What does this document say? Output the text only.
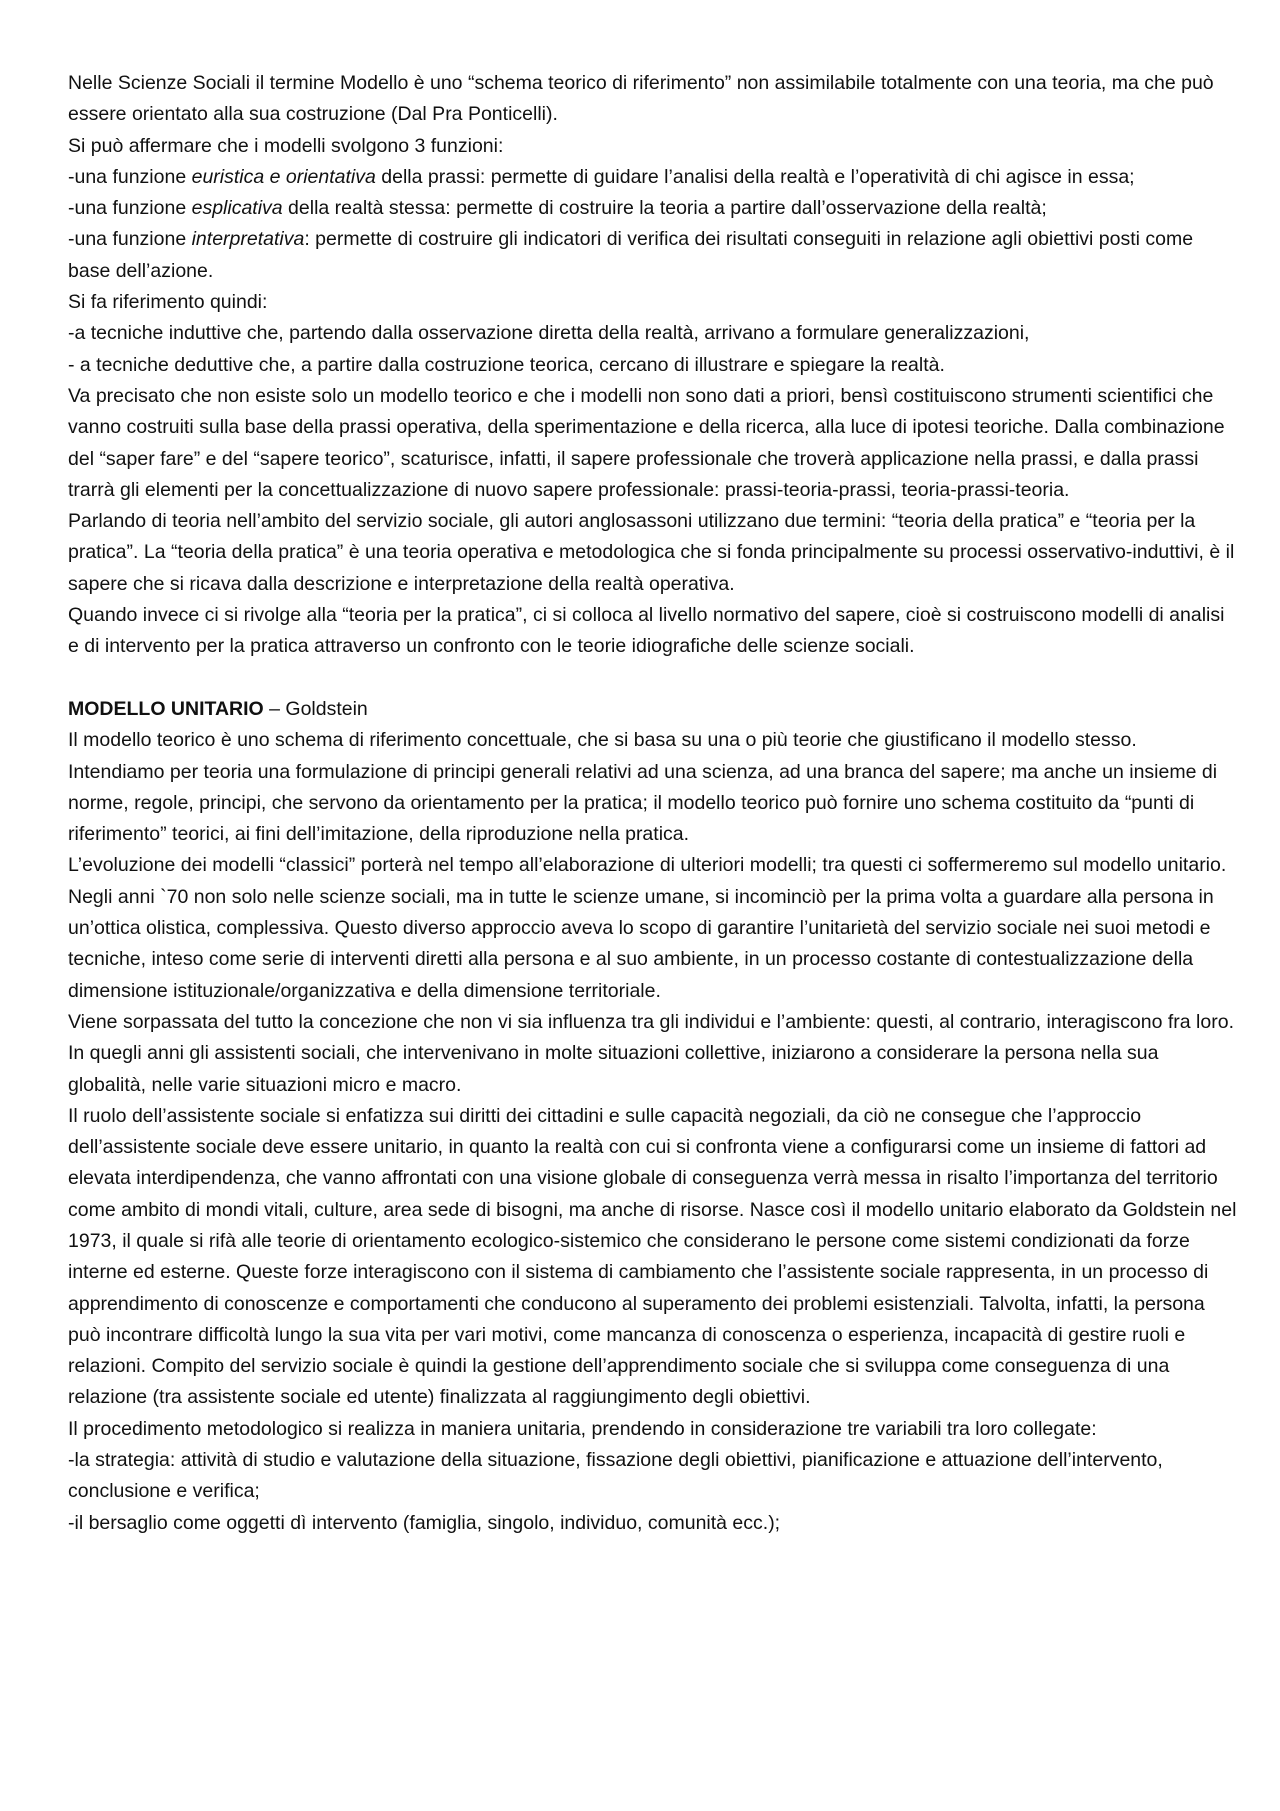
Nelle Scienze Sociali il termine Modello è uno “schema teorico di riferimento” non assimilabile totalmente con una teoria, ma che può essere orientato alla sua costruzione (Dal Pra Ponticelli).

Si può affermare che i modelli svolgono 3 funzioni:

-una funzione euristica e orientativa della prassi: permette di guidare l’analisi della realtà e l’operatività di chi agisce in essa;

-una funzione esplicativa della realtà stessa: permette di costruire la teoria a partire dall’osservazione della realtà;

-una funzione interpretativa: permette di costruire gli indicatori di verifica dei risultati conseguiti in relazione agli obiettivi posti come base dell’azione.

Si fa riferimento quindi:

-a tecniche induttive che, partendo dalla osservazione diretta della realtà, arrivano a formulare generalizzazioni,

- a tecniche deduttive che, a partire dalla costruzione teorica, cercano di illustrare e spiegare la realtà.

Va precisato che non esiste solo un modello teorico e che i modelli non sono dati a priori, bensì costituiscono strumenti scientifici che vanno costruiti sulla base della prassi operativa, della sperimentazione e della ricerca, alla luce di ipotesi teoriche. Dalla combinazione del “saper fare” e del “sapere teorico”, scaturisce, infatti, il sapere professionale che troverà applicazione nella prassi, e dalla prassi trarrà gli elementi per la concettualizzazione di nuovo sapere professionale: prassi-teoria-prassi, teoria-prassi-teoria.

Parlando di teoria nell’ambito del servizio sociale, gli autori anglosassoni utilizzano due termini: “teoria della pratica” e “teoria per la pratica”. La “teoria della pratica” è una teoria operativa e metodologica che si fonda principalmente su processi osservativo-induttivi, è il sapere che si ricava dalla descrizione e interpretazione della realtà operativa.

Quando invece ci si rivolge alla “teoria per la pratica”, ci si colloca al livello normativo del sapere, cioè si costruiscono modelli di analisi e di intervento per la pratica attraverso un confronto con le teorie idiografiche delle scienze sociali.

MODELLO UNITARIO – Goldstein

Il modello teorico è uno schema di riferimento concettuale, che si basa su una o più teorie che giustificano il modello stesso. Intendiamo per teoria una formulazione di principi generali relativi ad una scienza, ad una branca del sapere; ma anche un insieme di norme, regole, principi, che servono da orientamento per la pratica; il modello teorico può fornire uno schema costituito da “punti di riferimento” teorici, ai fini dell’imitazione, della riproduzione nella pratica.

L’evoluzione dei modelli “classici” porterà nel tempo all’elaborazione di ulteriori modelli; tra questi ci soffermeremo sul modello unitario.

Negli anni `70 non solo nelle scienze sociali, ma in tutte le scienze umane, si incominciò per la prima volta a guardare alla persona in un’ottica olistica, complessiva. Questo diverso approccio aveva lo scopo di garantire l’unitarietà del servizio sociale nei suoi metodi e tecniche, inteso come serie di interventi diretti alla persona e al suo ambiente, in un processo costante di contestualizzazione della dimensione istituzionale/organizzativa e della dimensione territoriale.

Viene sorpassata del tutto la concezione che non vi sia influenza tra gli individui e l’ambiente: questi, al contrario, interagiscono fra loro. In quegli anni gli assistenti sociali, che intervenivano in molte situazioni collettive, iniziarono a considerare la persona nella sua globalità, nelle varie situazioni micro e macro.

Il ruolo dell’assistente sociale si enfatizza sui diritti dei cittadini e sulle capacità negoziali, da ciò ne consegue che l’approccio dell’assistente sociale deve essere unitario, in quanto la realtà con cui si confronta viene a configurarsi come un insieme di fattori ad elevata interdipendenza, che vanno affrontati con una visione globale di conseguenza verrà messa in risalto l’importanza del territorio come ambito di mondi vitali, culture, area sede di bisogni, ma anche di risorse. Nasce così il modello unitario elaborato da Goldstein nel 1973, il quale si rifà alle teorie di orientamento ecologico-sistemico che considerano le persone come sistemi condizionati da forze interne ed esterne. Queste forze interagiscono con il sistema di cambiamento che l’assistente sociale rappresenta, in un processo di apprendimento di conoscenze e comportamenti che conducono al superamento dei problemi esistenziali. Talvolta, infatti, la persona può incontrare difficoltà lungo la sua vita per vari motivi, come mancanza di conoscenza o esperienza, incapacità di gestire ruoli e relazioni. Compito del servizio sociale è quindi la gestione dell’apprendimento sociale che si sviluppa come conseguenza di una relazione (tra assistente sociale ed utente) finalizzata al raggiungimento degli obiettivi.

Il procedimento metodologico si realizza in maniera unitaria, prendendo in considerazione tre variabili tra loro collegate:

-la strategia: attività di studio e valutazione della situazione, fissazione degli obiettivi, pianificazione e attuazione dell’intervento, conclusione e verifica;

-il bersaglio come oggetti dì intervento (famiglia, singolo, individuo, comunità ecc.);
